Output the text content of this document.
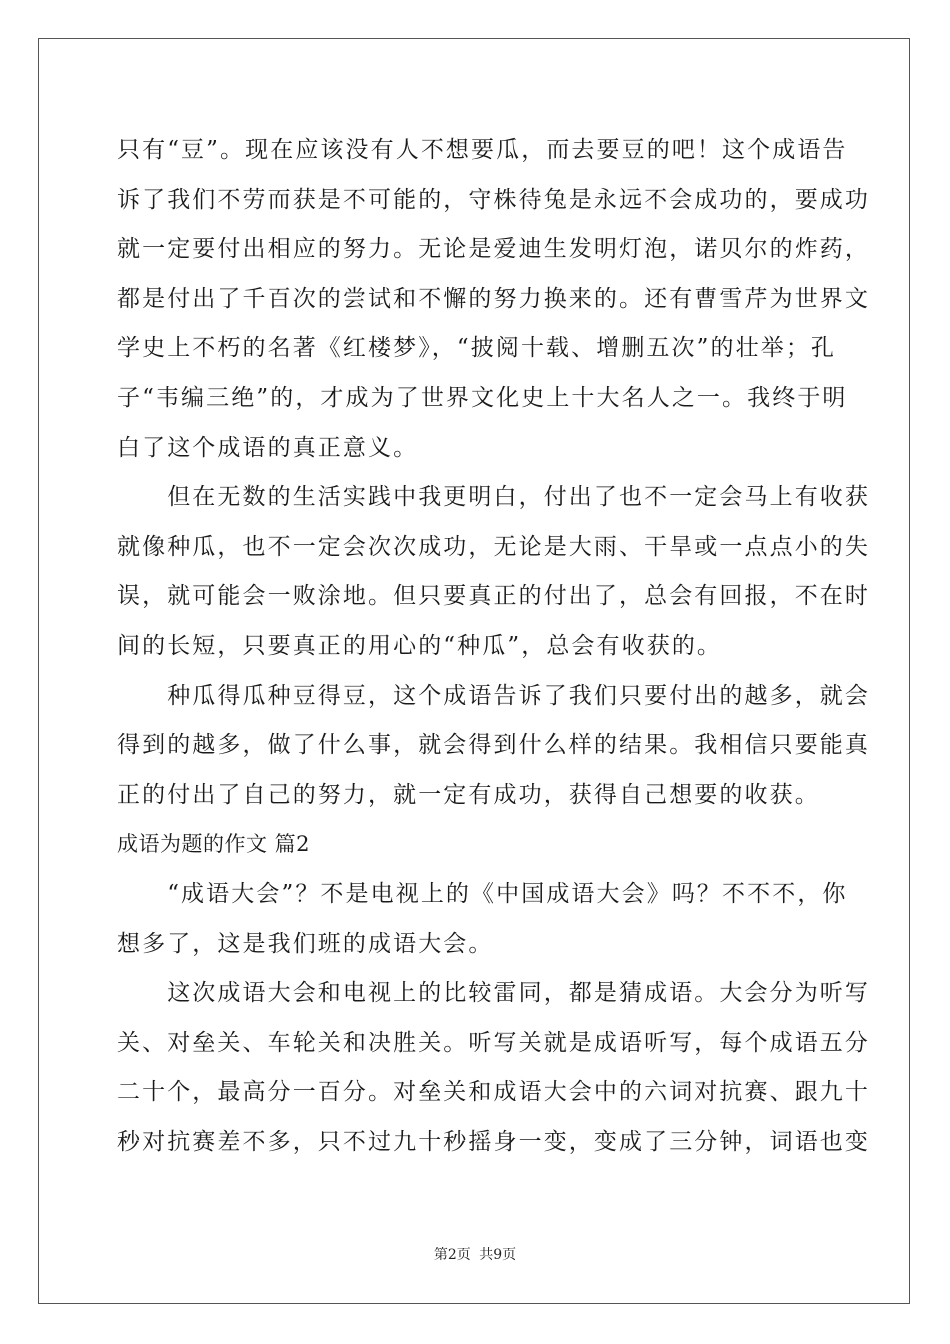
只有“豆”。现在应该没有人不想要瓜，而去要豆的吧！这个成语告
诉了我们不劳而获是不可能的，守株待兔是永远不会成功的，要成功
就一定要付出相应的努力。无论是爱迪生发明灯泡，诺贝尔的炸药，
都是付出了千百次的尝试和不懈的努力换来的。还有曹雪芹为世界文
学史上不朽的名著《红楼梦》，“披阅十载、增删五次”的壮举；孔
子“韦编三绝”的，才成为了世界文化史上十大名人之一。我终于明
白了这个成语的真正意义。
　　但在无数的生活实践中我更明白，付出了也不一定会马上有收获
就像种瓜，也不一定会次次成功，无论是大雨、干旱或一点点小的失
误，就可能会一败涂地。但只要真正的付出了，总会有回报，不在时
间的长短，只要真正的用心的“种瓜”，总会有收获的。
　　种瓜得瓜种豆得豆，这个成语告诉了我们只要付出的越多，就会
得到的越多，做了什么事，就会得到什么样的结果。我相信只要能真
正的付出了自己的努力，就一定有成功，获得自己想要的收获。
成语为题的作文 篇2
　　“成语大会”？不是电视上的《中国成语大会》吗？不不不，你
想多了，这是我们班的成语大会。
　　这次成语大会和电视上的比较雷同，都是猜成语。大会分为听写
关、对垒关、车轮关和决胜关。听写关就是成语听写，每个成语五分
二十个，最高分一百分。对垒关和成语大会中的六词对抗赛、跟九十
秒对抗赛差不多，只不过九十秒摇身一变，变成了三分钟，词语也变
第2页 共9页
